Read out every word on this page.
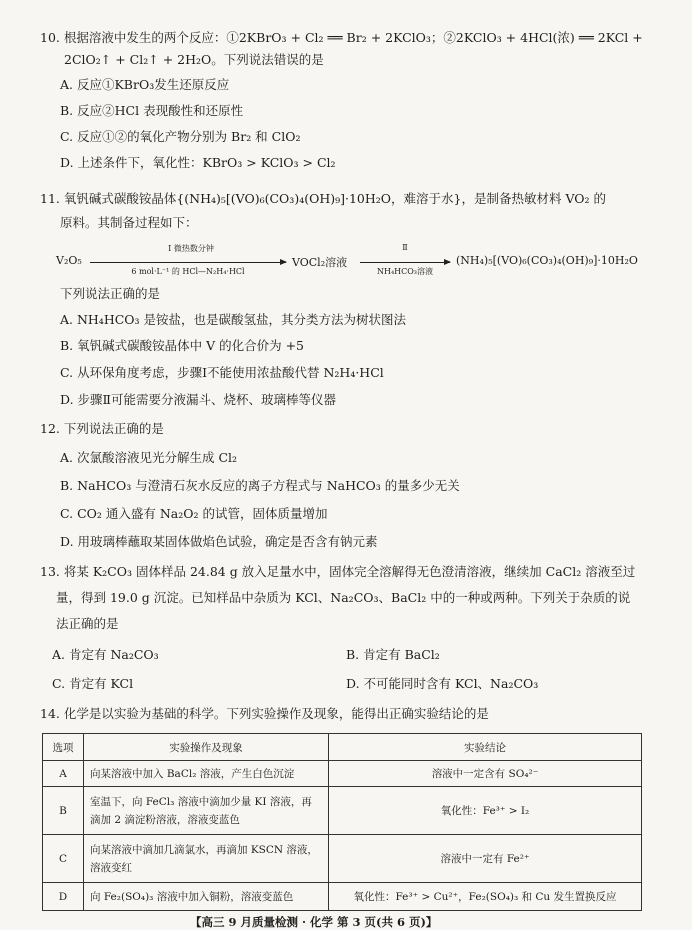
10. 根据溶液中发生的两个反应：①2KBrO₃ + Cl₂ ══ Br₂ + 2KClO₃；②2KClO₃ + 4HCl(浓) ══ 2KCl +
2ClO₂↑ + Cl₂↑ + 2H₂O。下列说法错误的是
A. 反应①KBrO₃发生还原反应
B. 反应②HCl 表现酸性和还原性
C. 反应①②的氧化产物分别为 Br₂ 和 ClO₂
D. 上述条件下，氧化性：KBrO₃ > KClO₃ > Cl₂
11. 氧钒碱式碳酸铵晶体{(NH₄)₅[(VO)₆(CO₃)₄(OH)₉]·10H₂O，难溶于水}，是制备热敏材料 VO₂ 的
原料。其制备过程如下：
V₂O₅
Ⅰ 微热数分钟
6 mol·L⁻¹ 的 HCl—N₂H₄·HCl
VOCl₂溶液
Ⅱ
NH₄HCO₃溶液
(NH₄)₅[(VO)₆(CO₃)₄(OH)₉]·10H₂O
下列说法正确的是
A. NH₄HCO₃ 是铵盐，也是碳酸氢盐，其分类方法为树状图法
B. 氧钒碱式碳酸铵晶体中 V 的化合价为 +5
C. 从环保角度考虑，步骤Ⅰ不能使用浓盐酸代替 N₂H₄·HCl
D. 步骤Ⅱ可能需要分液漏斗、烧杯、玻璃棒等仪器
12. 下列说法正确的是
A. 次氯酸溶液见光分解生成 Cl₂
B. NaHCO₃ 与澄清石灰水反应的离子方程式与 NaHCO₃ 的量多少无关
C. CO₂ 通入盛有 Na₂O₂ 的试管，固体质量增加
D. 用玻璃棒蘸取某固体做焰色试验，确定是否含有钠元素
13. 将某 K₂CO₃ 固体样品 24.84 g 放入足量水中，固体完全溶解得无色澄清溶液，继续加 CaCl₂ 溶液至过
量，得到 19.0 g 沉淀。已知样品中杂质为 KCl、Na₂CO₃、BaCl₂ 中的一种或两种。下列关于杂质的说
法正确的是
A. 肯定有 Na₂CO₃	B. 肯定有 BaCl₂
C. 肯定有 KCl	D. 不可能同时含有 KCl、Na₂CO₃
14. 化学是以实验为基础的科学。下列实验操作及现象，能得出正确实验结论的是
选项	实验操作及现象	实验结论
A	向某溶液中加入 BaCl₂ 溶液，产生白色沉淀	溶液中一定含有 SO₄²⁻
B	室温下，向 FeCl₃ 溶液中滴加少量 KI 溶液，再滴加 2 滴淀粉溶液，溶液变蓝色	氧化性：Fe³⁺ > I₂
C	向某溶液中滴加几滴氯水，再滴加 KSCN 溶液，溶液变红	溶液中一定有 Fe²⁺
D	向 Fe₂(SO₄)₃ 溶液中加入铜粉，溶液变蓝色	氧化性：Fe³⁺ > Cu²⁺，Fe₂(SO₄)₃ 和 Cu 发生置换反应
【高三 9 月质量检测 · 化学 第 3 页(共 6 页)】
